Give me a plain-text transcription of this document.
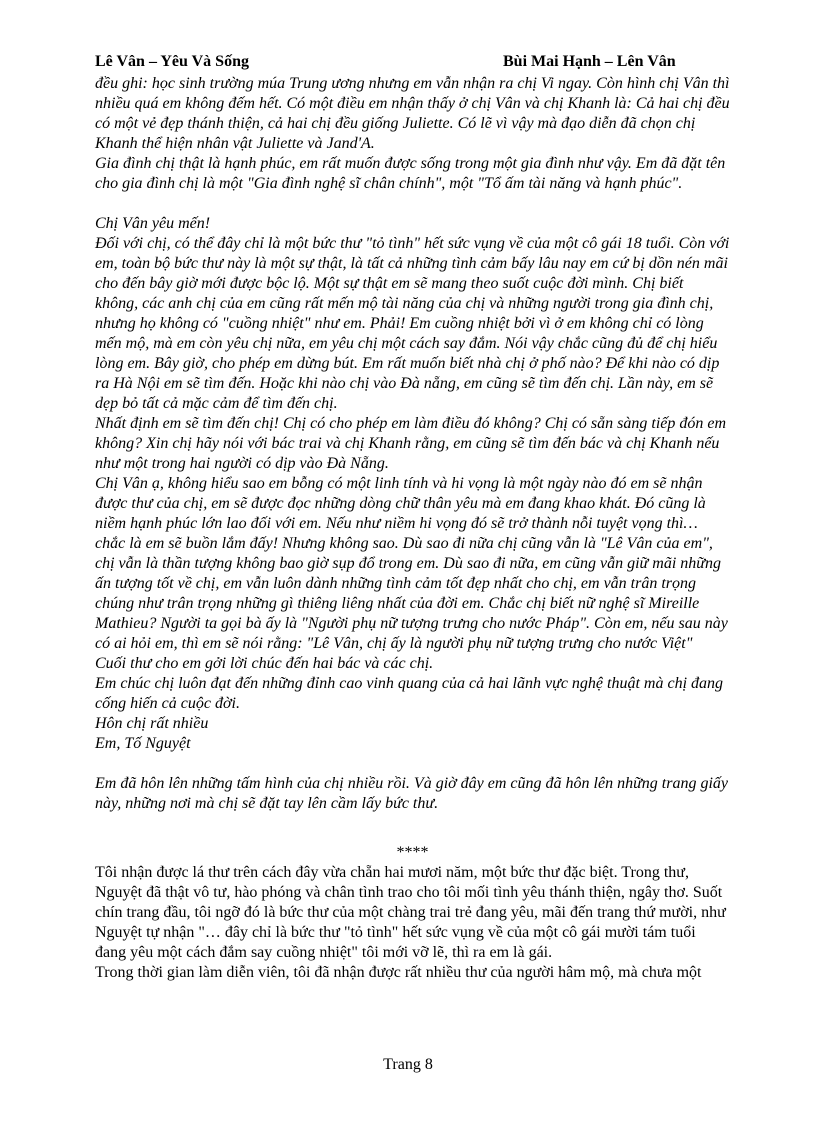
Lê Vân – Yêu Và Sống	Bùi Mai Hạnh – Lên Vân

đều ghi: học sinh trường múa Trung ương nhưng em vẫn nhận ra chị Vi ngay. Còn hình chị Vân thì nhiều quá em không đếm hết. Có một điều em nhận thấy ở chị Vân và chị Khanh là: Cả hai chị đều có một vẻ đẹp thánh thiện, cả hai chị đều giống Juliette. Có lẽ vì vậy mà đạo diễn đã chọn chị Khanh thể hiện nhân vật Juliette và Jand'A.

Gia đình chị thật là hạnh phúc, em rất muốn được sống trong một gia đình như vậy. Em đã đặt tên cho gia đình chị là một "Gia đình nghệ sĩ chân chính", một "Tổ ấm tài năng và hạnh phúc".

Chị Vân yêu mến!

Đối với chị, có thể đây chỉ là một bức thư "tỏ tình" hết sức vụng về của một cô gái 18 tuổi. Còn với em, toàn bộ bức thư này là một sự thật, là tất cả những tình cảm bấy lâu nay em cứ bị dồn nén mãi cho đến bây giờ mới được bộc lộ. Một sự thật em sẽ mang theo suốt cuộc đời mình. Chị biết không, các anh chị của em cũng rất mến mộ tài năng của chị và những người trong gia đình chị, nhưng họ không có "cuồng nhiệt" như em. Phải! Em cuồng nhiệt bởi vì ở em không chỉ có lòng mến mộ, mà em còn yêu chị nữa, em yêu chị một cách say đắm. Nói vậy chắc cũng đủ để chị hiểu lòng em. Bây giờ, cho phép em dừng bút. Em rất muốn biết nhà chị ở phố nào? Để khi nào có dịp ra Hà Nội em sẽ tìm đến. Hoặc khi nào chị vào Đà nẵng, em cũng sẽ tìm đến chị. Lần này, em sẽ dẹp bỏ tất cả mặc cảm để tìm đến chị.

Nhất định em sẽ tìm đến chị! Chị có cho phép em làm điều đó không? Chị có sẵn sàng tiếp đón em không? Xin chị hãy nói với bác trai và chị Khanh rằng, em cũng sẽ tìm đến bác và chị Khanh nếu như một trong hai người có dịp vào Đà Nẵng.

Chị Vân ạ, không hiểu sao em bỗng có một linh tính và hi vọng là một ngày nào đó em sẽ nhận được thư của chị, em sẽ được đọc những dòng chữ thân yêu mà em đang khao khát. Đó cũng là niềm hạnh phúc lớn lao đối với em. Nếu như niềm hi vọng đó sẽ trở thành nỗi tuyệt vọng thì… chắc là em sẽ buồn lắm đấy! Nhưng không sao. Dù sao đi nữa chị cũng vẫn là "Lê Vân của em", chị vẫn là thần tượng không bao giờ sụp đổ trong em. Dù sao đi nữa, em cũng vẫn giữ mãi những ấn tượng tốt về chị, em vẫn luôn dành những tình cảm tốt đẹp nhất cho chị, em vẫn trân trọng chúng như trân trọng những gì thiêng liêng nhất của đời em. Chắc chị biết nữ nghệ sĩ Mireille Mathieu? Người ta gọi bà ấy là "Người phụ nữ tượng trưng cho nước Pháp". Còn em, nếu sau này có ai hỏi em, thì em sẽ nói rằng: "Lê Vân, chị ấy là người phụ nữ tượng trưng cho nước Việt"

Cuối thư cho em gởi lời chúc đến hai bác và các chị.

Em chúc chị luôn đạt đến những đỉnh cao vinh quang của cả hai lãnh vực nghệ thuật mà chị đang cống hiến cả cuộc đời.

Hôn chị rất nhiều

Em, Tố Nguyệt

Em đã hôn lên những tấm hình của chị nhiều rồi. Và giờ đây em cũng đã hôn lên những trang giấy này, những nơi mà chị sẽ đặt tay lên cầm lấy bức thư.

****

Tôi nhận được lá thư trên cách đây vừa chẵn hai mươi năm, một bức thư đặc biệt. Trong thư, Nguyệt đã thật vô tư, hào phóng và chân tình trao cho tôi mối tình yêu thánh thiện, ngây thơ. Suốt chín trang đầu, tôi ngỡ đó là bức thư của một chàng trai trẻ đang yêu, mãi đến trang thứ mười, như Nguyệt tự nhận "… đây chỉ là bức thư "tỏ tình" hết sức vụng về của một cô gái mười tám tuổi đang yêu một cách đắm say cuồng nhiệt" tôi mới vỡ lẽ, thì ra em là gái.

Trong thời gian làm diễn viên, tôi đã nhận được rất nhiều thư của người hâm mộ, mà chưa một

Trang 8
